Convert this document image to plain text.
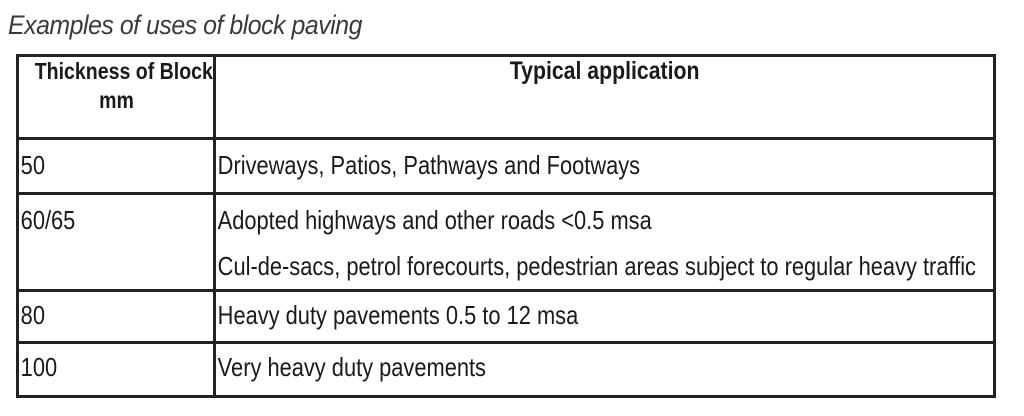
Examples of uses of block paving
Thickness of Block
mm	Typical application

50	Driveways, Patios, Pathways and Footways

60/65	Adopted highways and other roads <0.5 msa
Cul-de-sacs, petrol forecourts, pedestrian areas subject to regular heavy traffic

80	Heavy duty pavements 0.5 to 12 msa

100	Very heavy duty pavements
